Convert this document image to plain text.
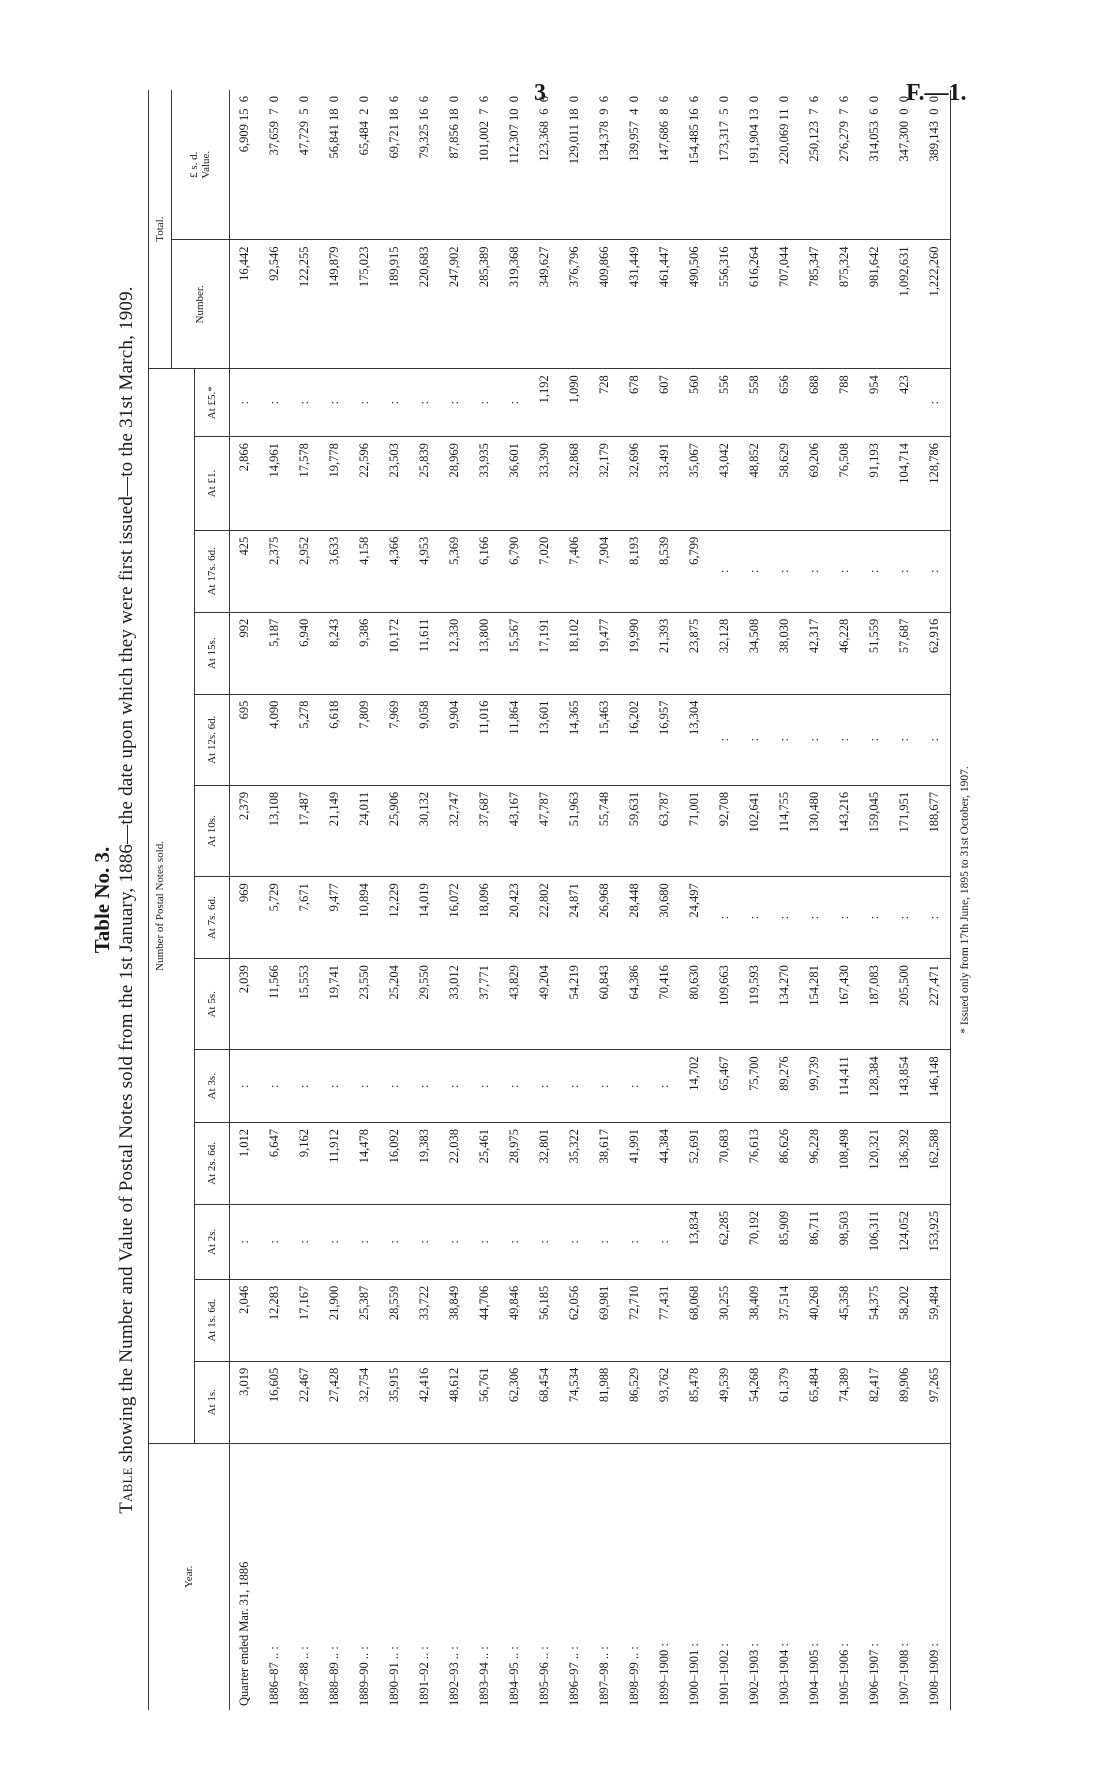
3	F.—1.
Table No. 3.
Table showing the Number and Value of Postal Notes sold from the 1st January, 1886—the date upon which they were first issued—to the 31st March, 1909.
Year.	Number of Postal Notes sold.													Total.	
														Number.	£ s. d. Value.

	At 1s.	At 1s. 6d.	At 2s.	At 2s. 6d.	At 3s.	At 5s.	At 7s. 6d.	At 10s.	At 12s. 6d.	At 15s.	At 17s. 6d.	At £1.	At £5.*		
Quarter ended Mar. 31, 1886	3,019	2,046	:	1,012	:	2,039	969	2,379	695	992	425	2,866	:	16,442	6,909 15  6
1886–87 .. :	16,605	12,283	:	6,647	:	11,566	5,729	13,108	4,090	5,187	2,375	14,961	:	92,546	37,659  7  0
1887–88 .. :	22,467	17,167	:	9,162	:	15,553	7,671	17,487	5,278	6,940	2,952	17,578	:	122,255	47,729  5  0
1888–89 .. :	27,428	21,900	:	11,912	:	19,741	9,477	21,149	6,618	8,243	3,633	19,778	:	149,879	56,841 18  0
1889–90 .. :	32,754	25,387	:	14,478	:	23,550	10,894	24,011	7,809	9,386	4,158	22,596	:	175,023	65,484  2  0
1890–91 .. :	35,915	28,559	:	16,092	:	25,204	12,229	25,906	7,969	10,172	4,366	23,503	:	189,915	69,721 18  6
1891–92 .. :	42,416	33,722	:	19,383	:	29,550	14,019	30,132	9,058	11,611	4,953	25,839	:	220,683	79,325 16  6
1892–93 .. :	48,612	38,849	:	22,038	:	33,012	16,072	32,747	9,904	12,330	5,369	28,969	:	247,902	87,856 18  0
1893–94 .. :	56,761	44,706	:	25,461	:	37,771	18,096	37,687	11,016	13,800	6,166	33,935	:	285,389	101,002  7  6
1894–95 .. :	62,306	49,846	:	28,975	:	43,829	20,423	43,167	11,864	15,567	6,790	36,601	:	319,368	112,307 10  0
1895–96 .. :	68,454	56,185	:	32,801	:	49,204	22,802	47,787	13,601	17,191	7,020	33,390	1,192	349,627	123,368  6  6
1896–97 .. :	74,534	62,056	:	35,322	:	54,219	24,871	51,963	14,365	18,102	7,406	32,868	1,090	376,796	129,011 18  0
1897–98 .. :	81,988	69,981	:	38,617	:	60,843	26,968	55,748	15,463	19,477	7,904	32,179	728	409,866	134,378  9  6
1898–99 .. :	86,529	72,710	:	41,991	:	64,386	28,448	59,631	16,202	19,990	8,193	32,696	678	431,449	139,957  4  0
1899–1900 :	93,762	77,431	:	44,384	:	70,416	30,680	63,787	16,957	21,393	8,539	33,491	607	461,447	147,686  8  6
1900–1901 :	85,478	68,068	13,834	52,691	14,702	80,630	24,497	71,001	13,304	23,875	6,799	35,067	560	490,506	154,485 16  6
1901–1902 :	49,539	30,255	62,285	70,683	65,467	109,663	:	92,708	:	32,128	:	43,042	556	556,316	173,317  5  0
1902–1903 :	54,268	38,409	70,192	76,613	75,700	119,593	:	102,641	:	34,508	:	48,852	558	616,264	191,904 13  0
1903–1904 :	61,379	37,514	85,909	86,626	89,276	134,270	:	114,755	:	38,030	:	58,629	656	707,044	220,069 11  0
1904–1905 :	65,484	40,268	86,711	96,228	99,739	154,281	:	130,480	:	42,317	:	69,206	688	785,347	250,123  7  6
1905–1906 :	74,389	45,358	98,503	108,498	114,411	167,430	:	143,216	:	46,228	:	76,508	788	875,324	276,279  7  6
1906–1907 :	82,417	54,375	106,311	120,321	128,384	187,083	:	159,045	:	51,559	:	91,193	954	981,642	314,053  6  0
1907–1908 :	89,906	58,202	124,052	136,392	143,854	205,500	:	171,951	:	57,687	:	104,714	423	1,092,631	347,300  0  0
1908–1909 :	97,265	59,484	153,925	162,588	146,148	227,471	:	188,677	:	62,916	:	128,786	:	1,222,260	389,143  0  0
* Issued only from 17th June, 1895 to 31st October, 1907.
